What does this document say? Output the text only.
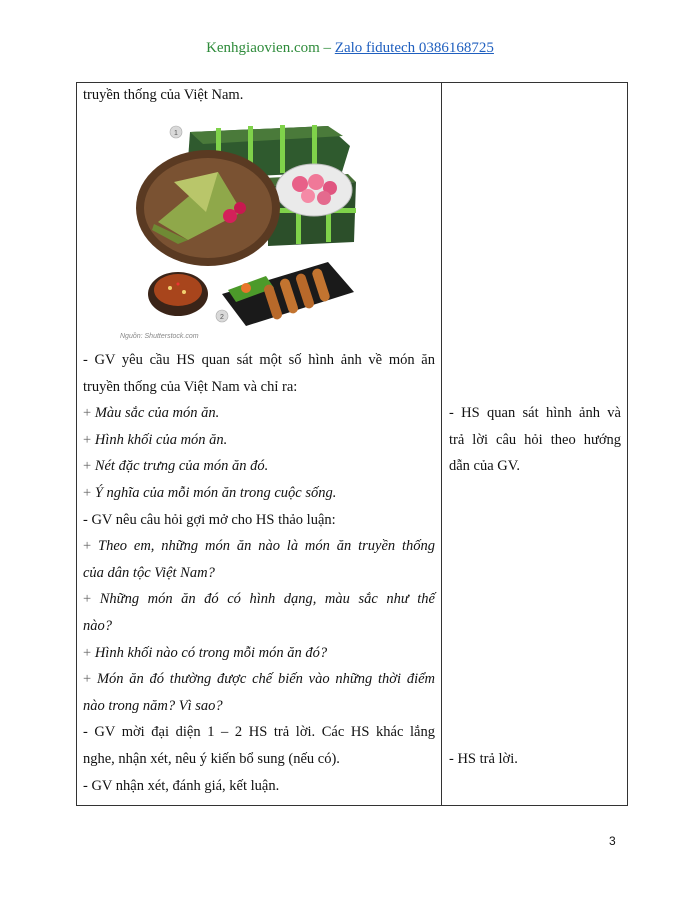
Kenhgiaovien.com – Zalo fidutech 0386168725
truyền thống của Việt Nam.
1
2
Nguồn: Shutterstock.com
- GV yêu cầu HS quan sát một số hình ảnh về món ăn
truyền thống của Việt Nam và chỉ ra:
+ Màu sắc của món ăn.
+ Hình khối của món ăn.
+ Nét đặc trưng của món ăn đó.
+ Ý nghĩa của mỗi món ăn trong cuộc sống.
- GV nêu câu hỏi gợi mở cho HS thảo luận:
+ Theo em, những món ăn nào là món ăn truyền thống
của dân tộc Việt Nam?
+ Những món ăn đó có hình dạng, màu sắc như thế
nào?
+ Hình khối nào có trong mỗi món ăn đó?
+ Món ăn đó thường được chế biến vào những thời điểm
nào trong năm? Vì sao?
- GV mời đại diện 1 – 2 HS trả lời. Các HS khác lắng
nghe, nhận xét, nêu ý kiến bổ sung (nếu có).
- GV nhận xét, đánh giá, kết luận.
- HS quan sát hình ảnh và
trả lời câu hỏi theo hướng
dẫn của GV.
- HS trả lời.
3
